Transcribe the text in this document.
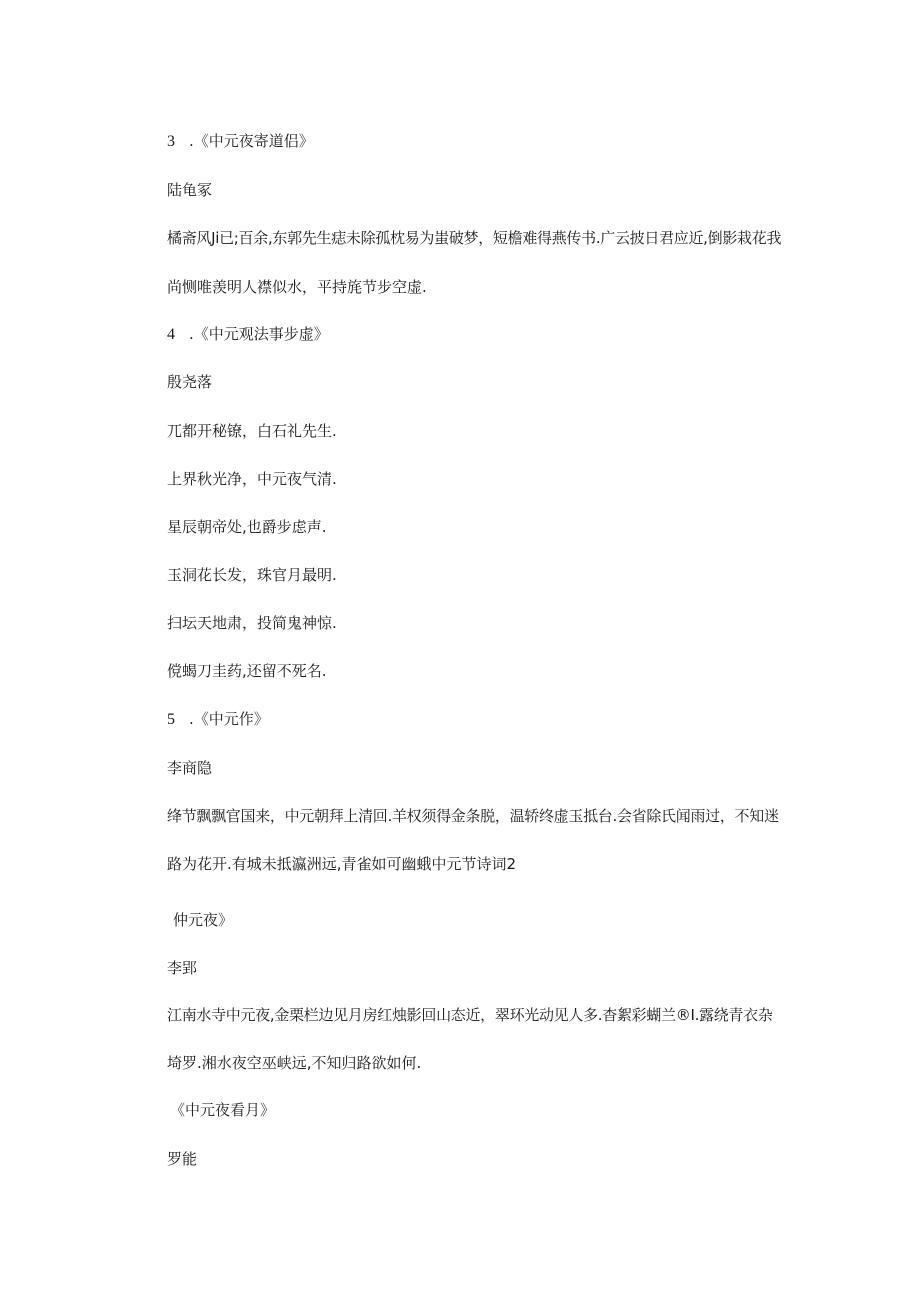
3 .《中元夜寄道侣》
陆龟冢
橘斋风Ji已;百余,东郭先生痣未除孤枕易为蚩破梦，短檐难得燕传书.广云披日君应近,倒影栽花我
尚恻唯羡明人襟似水，平持旄节步空虚.
4 .《中元观法事步虚》
殷尧落
兀都开秘镣，白石礼先生.
上界秋光净，中元夜气清.
星辰朝帝处,也爵步虑声.
玉洞花长发，珠官月最明.
扫坛天地肃，投简鬼神惊.
傥蝎刀圭药,还留不死名.
5 .《中元作》
李商隐
绛节飘飘官国来，中元朝拜上清回.羊权须得金条脱，温轿终虚玉抵台.会省除氏闻雨过，不知迷
路为花开.有城未抵瀛洲远,青雀如可幽蛾中元节诗词2
仲元夜》
李郢
江南水寺中元夜,金栗栏边见月房红烛影回山态近，翠环光动见人多.杳絮彩蝴兰®I.露绕青衣杂
埼罗.湘水夜空巫峡远,不知归路欲如何.
《中元夜看月》
罗能
